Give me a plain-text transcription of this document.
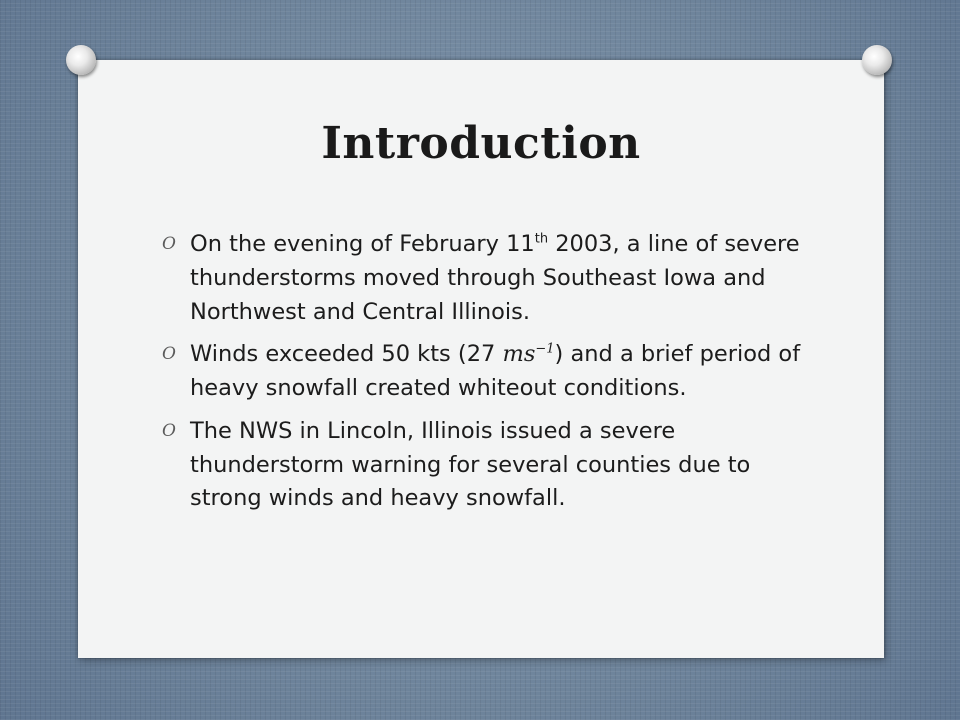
Introduction
O On the evening of February 11th 2003, a line of severe thunderstorms moved through Southeast Iowa and Northwest and Central Illinois.
O Winds exceeded 50 kts (27 $ms^{-1}$) and a brief period of heavy snowfall created whiteout conditions.
O The NWS in Lincoln, Illinois issued a severe thunderstorm warning for several counties due to strong winds and heavy snowfall.
